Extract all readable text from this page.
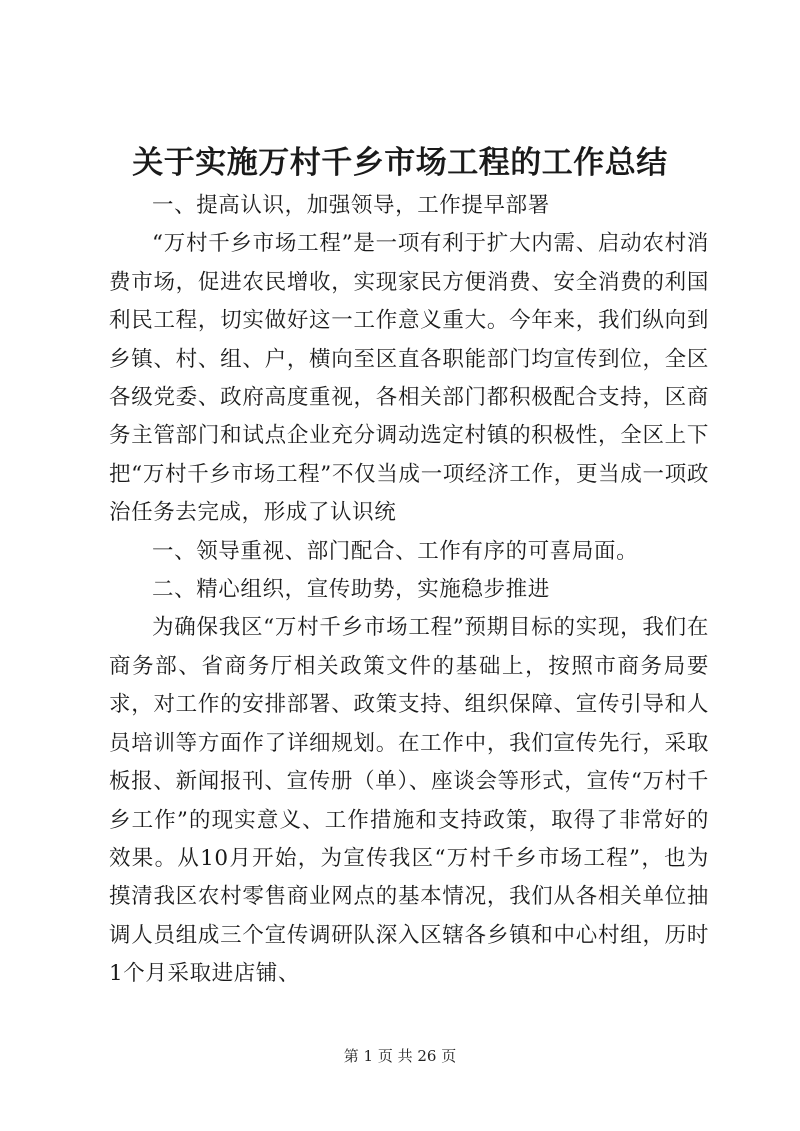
关于实施万村千乡市场工程的工作总结

一、提高认识，加强领导，工作提早部署

“万村千乡市场工程”是一项有利于扩大内需、启动农村消费市场，促进农民增收，实现家民方便消费、安全消费的利国利民工程，切实做好这一工作意义重大。今年来，我们纵向到乡镇、村、组、户，横向至区直各职能部门均宣传到位，全区各级党委、政府高度重视，各相关部门都积极配合支持，区商务主管部门和试点企业充分调动选定村镇的积极性，全区上下把“万村千乡市场工程”不仅当成一项经济工作，更当成一项政治任务去完成，形成了认识统

一、领导重视、部门配合、工作有序的可喜局面。

二、精心组织，宣传助势，实施稳步推进

为确保我区“万村千乡市场工程”预期目标的实现，我们在商务部、省商务厅相关政策文件的基础上，按照市商务局要求，对工作的安排部署、政策支持、组织保障、宣传引导和人员培训等方面作了详细规划。在工作中，我们宣传先行，采取板报、新闻报刊、宣传册（单）、座谈会等形式，宣传“万村千乡工作”的现实意义、工作措施和支持政策，取得了非常好的效果。从10月开始，为宣传我区“万村千乡市场工程”，也为摸清我区农村零售商业网点的基本情况，我们从各相关单位抽调人员组成三个宣传调研队深入区辖各乡镇和中心村组，历时1个月采取进店铺、

第 1 页 共 26 页
